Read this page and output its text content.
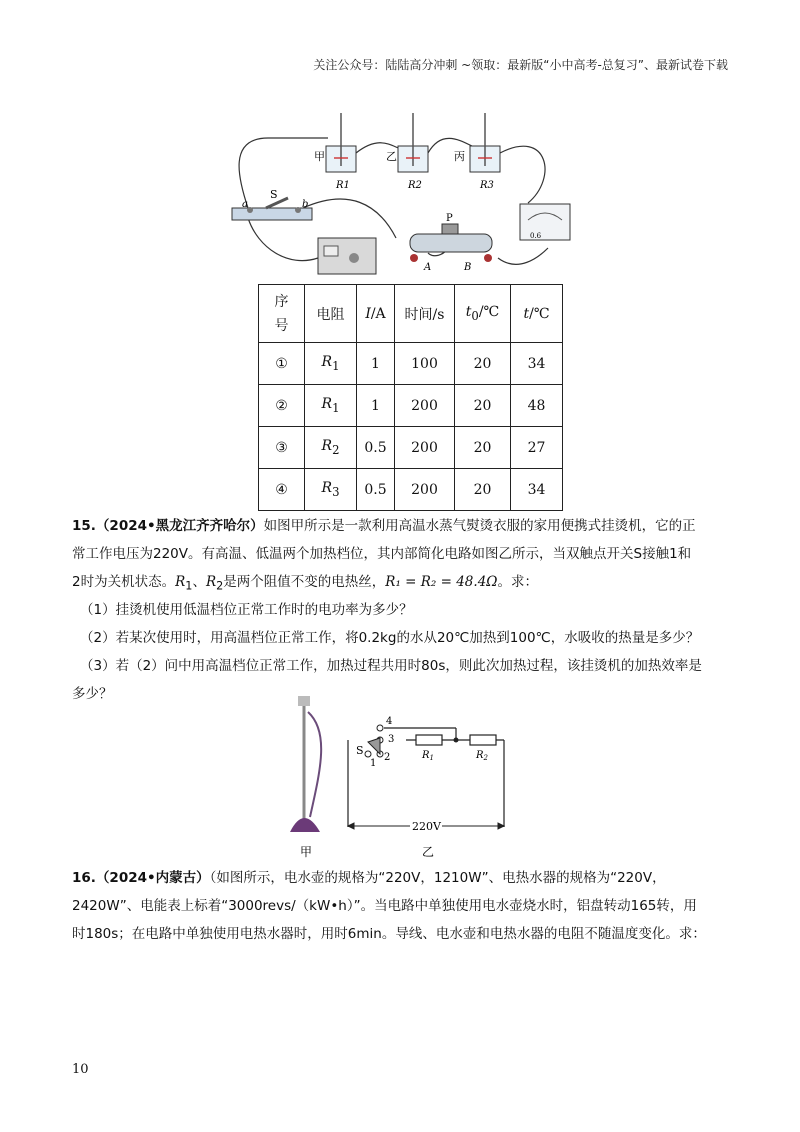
关注公众号：陆陆高分冲刺 ~领取：最新版“小中高考-总复习”、最新试卷下载
甲	乙	丙
R1	R2	R3
S
a	b
P
A	B
0.6
序
号	电阻	I/A	时间/s	$t_0/℃$	t/℃
①	$R_1$	1	100	20	34
②	$R_1$	1	200	20	48
③	$R_2$	0.5	200	20	27
④	$R_3$	0.5	200	20	34
15.（2024•黑龙江齐齐哈尔）如图甲所示是一款利用高温水蒸气熨烫衣服的家用便携式挂烫机，它的正
常工作电压为220V。有高温、低温两个加热档位，其内部简化电路如图乙所示，当双触点开关S接触1和
2时为关机状态。$R_1$、$R_2$是两个阻值不变的电热丝，R₁ = R₂ = 48.4Ω。求：
（1）挂烫机使用低温档位正常工作时的电功率为多少？
（2）若某次使用时，用高温档位正常工作，将0.2kg的水从20℃加热到100℃，水吸收的热量是多少？
（3）若（2）问中用高温档位正常工作，加热过程共用时80s，则此次加热过程，该挂烫机的加热效率是
多少？
甲
S
1
2
3
4
$R_1$	$R_2$
220V
乙
16.（2024•内蒙古）（如图所示，电水壶的规格为“220V，1210W”、电热水器的规格为“220V，
2420W”、电能表上标着“3000revs/（kW•h）”。当电路中单独使用电水壶烧水时，铝盘转动165转，用
时180s；在电路中单独使用电热水器时，用时6min。导线、电水壶和电热水器的电阻不随温度变化。求：
10
